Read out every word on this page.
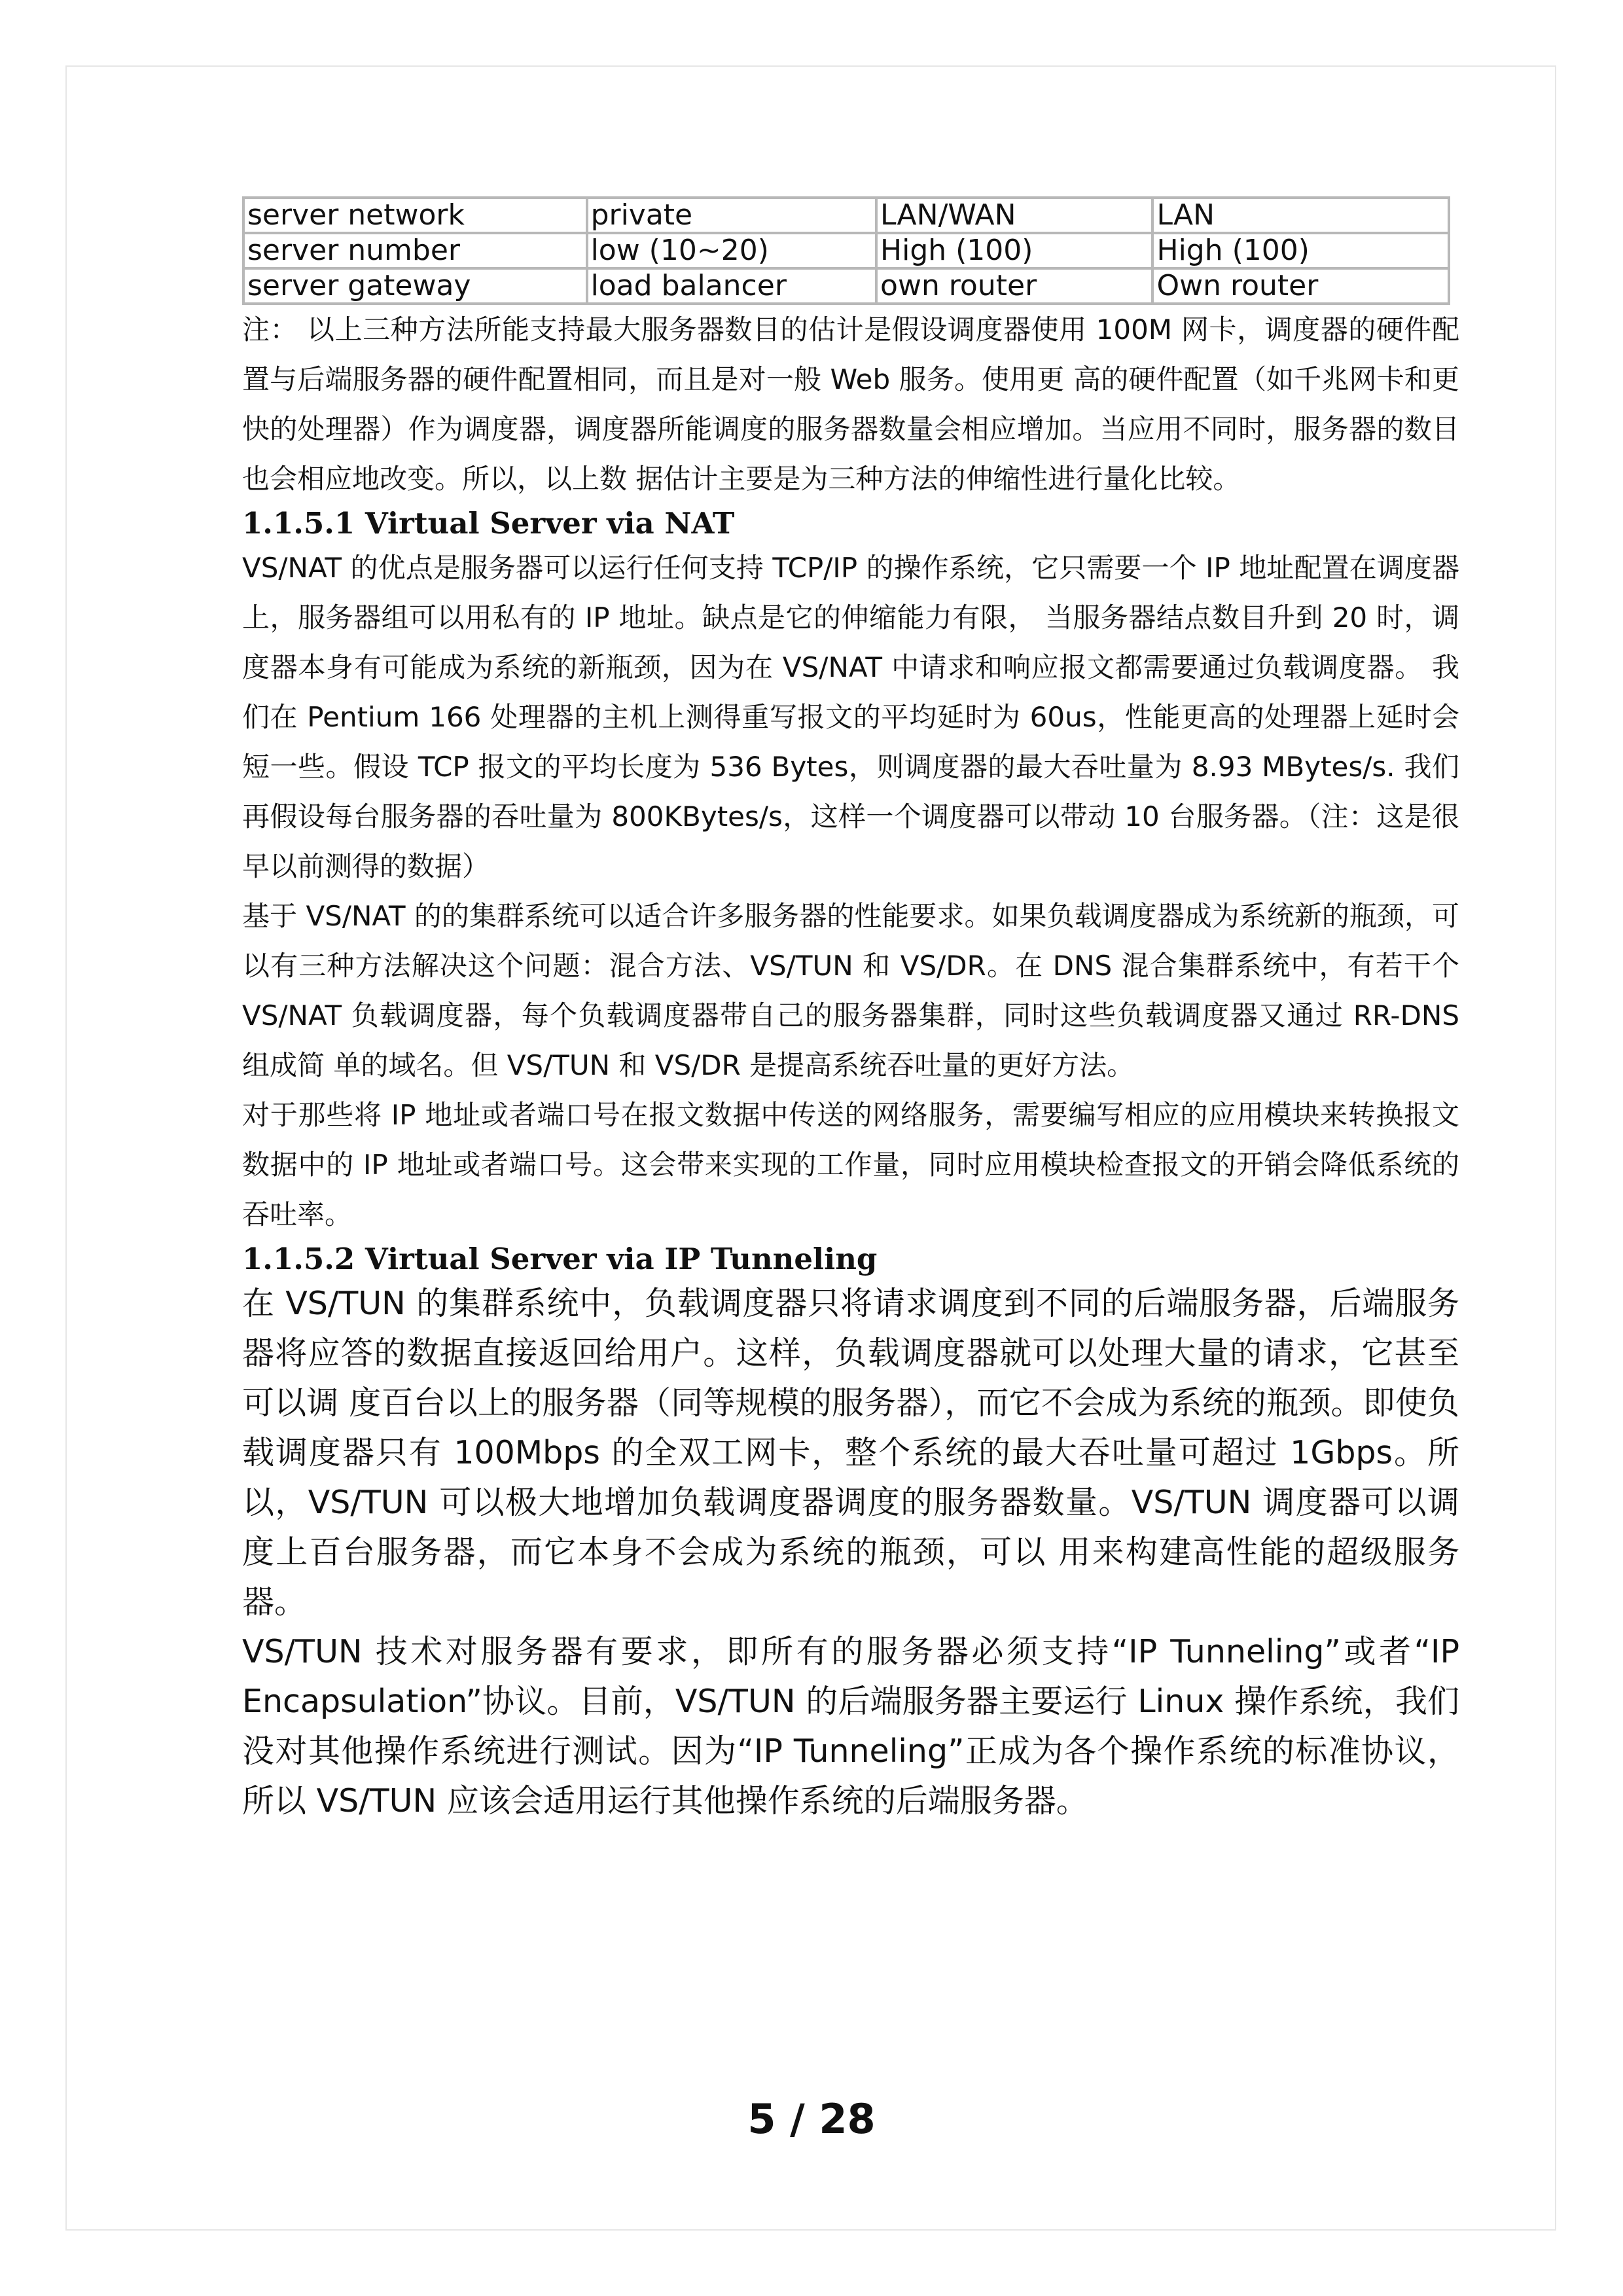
server network	private	LAN/WAN	LAN
server number	low (10~20)	High (100)	High (100)
server gateway	load balancer	own router	Own router

注： 以上三种方法所能支持最大服务器数目的估计是假设调度器使用 100M 网卡，调度器的硬件配置与后端服务器的硬件配置相同，而且是对一般 Web 服务。使用更 高的硬件配置（如千兆网卡和更快的处理器）作为调度器，调度器所能调度的服务器数量会相应增加。当应用不同时，服务器的数目也会相应地改变。所以，以上数 据估计主要是为三种方法的伸缩性进行量化比较。

1.1.5.1 Virtual Server via NAT

VS/NAT 的优点是服务器可以运行任何支持 TCP/IP 的操作系统，它只需要一个 IP 地址配置在调度器上，服务器组可以用私有的 IP 地址。缺点是它的伸缩能力有限， 当服务器结点数目升到 20 时，调度器本身有可能成为系统的新瓶颈，因为在 VS/NAT 中请求和响应报文都需要通过负载调度器。 我们在 Pentium 166 处理器的主机上测得重写报文的平均延时为 60us，性能更高的处理器上延时会短一些。假设 TCP 报文的平均长度为 536 Bytes，则调度器的最大吞吐量为 8.93 MBytes/s. 我们再假设每台服务器的吞吐量为 800KBytes/s，这样一个调度器可以带动 10 台服务器。（注：这是很早以前测得的数据）

基于 VS/NAT 的的集群系统可以适合许多服务器的性能要求。如果负载调度器成为系统新的瓶颈，可以有三种方法解决这个问题：混合方法、VS/TUN 和 VS/DR。在 DNS 混合集群系统中，有若干个 VS/NAT 负载调度器，每个负载调度器带自己的服务器集群，同时这些负载调度器又通过 RR-DNS 组成简 单的域名。但 VS/TUN 和 VS/DR 是提高系统吞吐量的更好方法。

对于那些将 IP 地址或者端口号在报文数据中传送的网络服务，需要编写相应的应用模块来转换报文数据中的 IP 地址或者端口号。这会带来实现的工作量，同时应用模块检查报文的开销会降低系统的吞吐率。

1.1.5.2 Virtual Server via IP Tunneling

在 VS/TUN 的集群系统中，负载调度器只将请求调度到不同的后端服务器，后端服务器将应答的数据直接返回给用户。这样，负载调度器就可以处理大量的请求，它甚至可以调 度百台以上的服务器（同等规模的服务器），而它不会成为系统的瓶颈。即使负载调度器只有 100Mbps 的全双工网卡，整个系统的最大吞吐量可超过 1Gbps。所以，VS/TUN 可以极大地增加负载调度器调度的服务器数量。VS/TUN 调度器可以调度上百台服务器，而它本身不会成为系统的瓶颈，可以 用来构建高性能的超级服务器。

VS/TUN 技术对服务器有要求，即所有的服务器必须支持“IP Tunneling”或者“IP Encapsulation”协议。目前，VS/TUN 的后端服务器主要运行 Linux 操作系统，我们没对其他操作系统进行测试。因为“IP Tunneling”正成为各个操作系统的标准协议，所以 VS/TUN 应该会适用运行其他操作系统的后端服务器。

5 / 28
